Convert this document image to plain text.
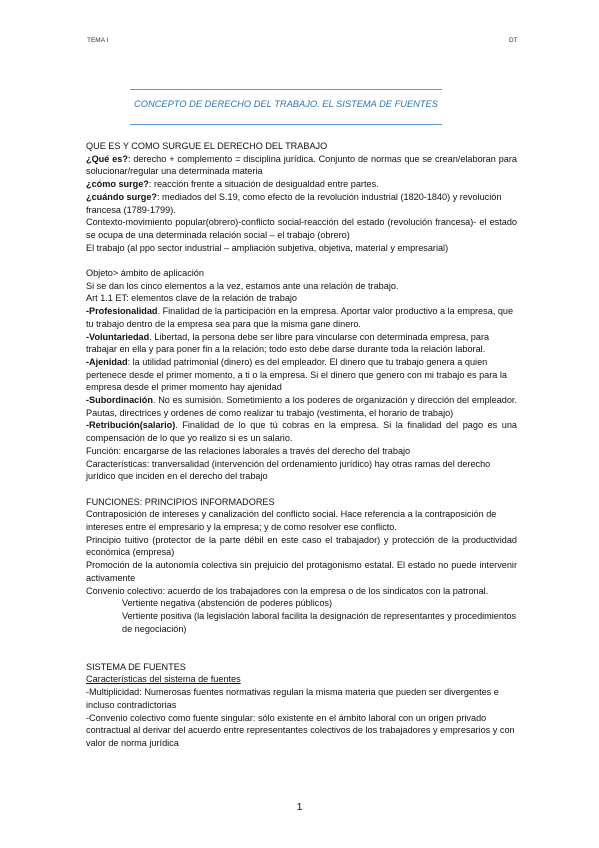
TEMA I	DT
CONCEPTO DE DERECHO DEL TRABAJO. EL SISTEMA DE FUENTES

QUE ES Y COMO SURGUE EL DERECHO DEL TRABAJO

¿Qué es?: derecho + complemento = disciplina jurídica. Conjunto de normas que se crean/elaboran para solucionar/regular una determinada materia

¿cómo surge?: reacción frente a situación de desigualdad entre partes.

¿cuándo surge?: mediados del S.19, como efecto de la revolución industrial (1820-1840) y revolución francesa (1789-1799).

Contexto-movimiento popular(obrero)-conflicto social-reacción del estado (revolución francesa)- el estado se ocupa de una determinada relación social – el trabajo (obrero)

El trabajo (al ppo sector industrial – ampliación subjetiva, objetiva, material y empresarial)

Objeto> ámbito de aplicación

Si se dan los cinco elementos a la vez, estamos ante una relación de trabajo.

Art 1.1 ET: elementos clave de la relación de trabajo

-Profesionalidad. Finalidad de la participación en la empresa. Aportar valor productivo a la empresa, que tu trabajo dentro de la empresa sea para que la misma gane dinero.

-Voluntariedad. Libertad, la persona debe ser libre para vincularse con determinada empresa, para trabajar en ella y para poner fin a la relación; todo esto debe darse durante toda la relación laboral.

-Ajenidad: la utilidad patrimonial (dinero) es del empleador. El dinero que tu trabajo genera a quien pertenece desde el primer momento, a ti o la empresa. Si el dinero que genero con mi trabajo es para la empresa desde el primer momento hay ajenidad

-Subordinación. No es sumisión. Sometimiento a los poderes de organización y dirección del empleador. Pautas, directrices y ordenes de como realizar tu trabajo (vestimenta, el horario de trabajo)

-Retribución(salario). Finalidad de lo que tú cobras en la empresa. Si la finalidad del pago es una compensación de lo que yo realizo si es un salario.

Función: encargarse de las relaciones laborales a través del derecho del trabajo

Características: tranversalidad (intervención del ordenamiento jurídico) hay otras ramas del derecho jurídico que inciden en el derecho del trabajo

FUNCIONES: PRINCIPIOS INFORMADORES

Contraposición de intereses y canalización del conflicto social. Hace referencia a la contraposición de intereses entre el empresario y la empresa; y de como resolver ese conflicto.

Principio tuitivo (protector de la parte débil en este caso el trabajador) y protección de la productividad económica (empresa)

Promoción de la autonomía colectiva sin prejuicio del protagonismo estatal. El estado no puede intervenir activamente

Convenio colectivo: acuerdo de los trabajadores con la empresa o de los sindicatos con la patronal.

Vertiente negativa (abstención de poderes públicos)

Vertiente positiva (la legislación laboral facilita la designación de representantes y procedimientos de negociación)

SISTEMA DE FUENTES

Características del sistema de fuentes

-Multiplicidad: Numerosas fuentes normativas regulan la misma materia que pueden ser divergentes e incluso contradictorias

-Convenio colectivo como fuente singular: sólo existente en el ámbito laboral con un origen privado contractual al derivar del acuerdo entre representantes colectivos de los trabajadores y empresarios y con valor de norma jurídica

1
